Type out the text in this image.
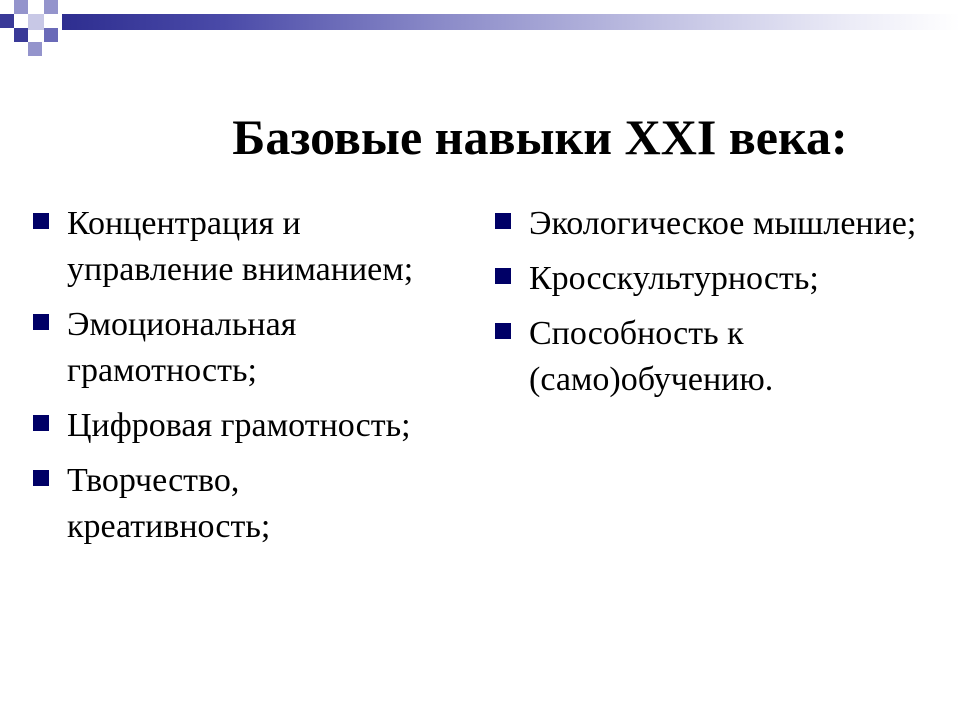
Базовые навыки XXI века:
Концентрация и управление вниманием;
Эмоциональная грамотность;
Цифровая грамотность;
Творчество, креативность;
Экологическое мышление;
Кросскультурность;
Способность к (само)обучению.
